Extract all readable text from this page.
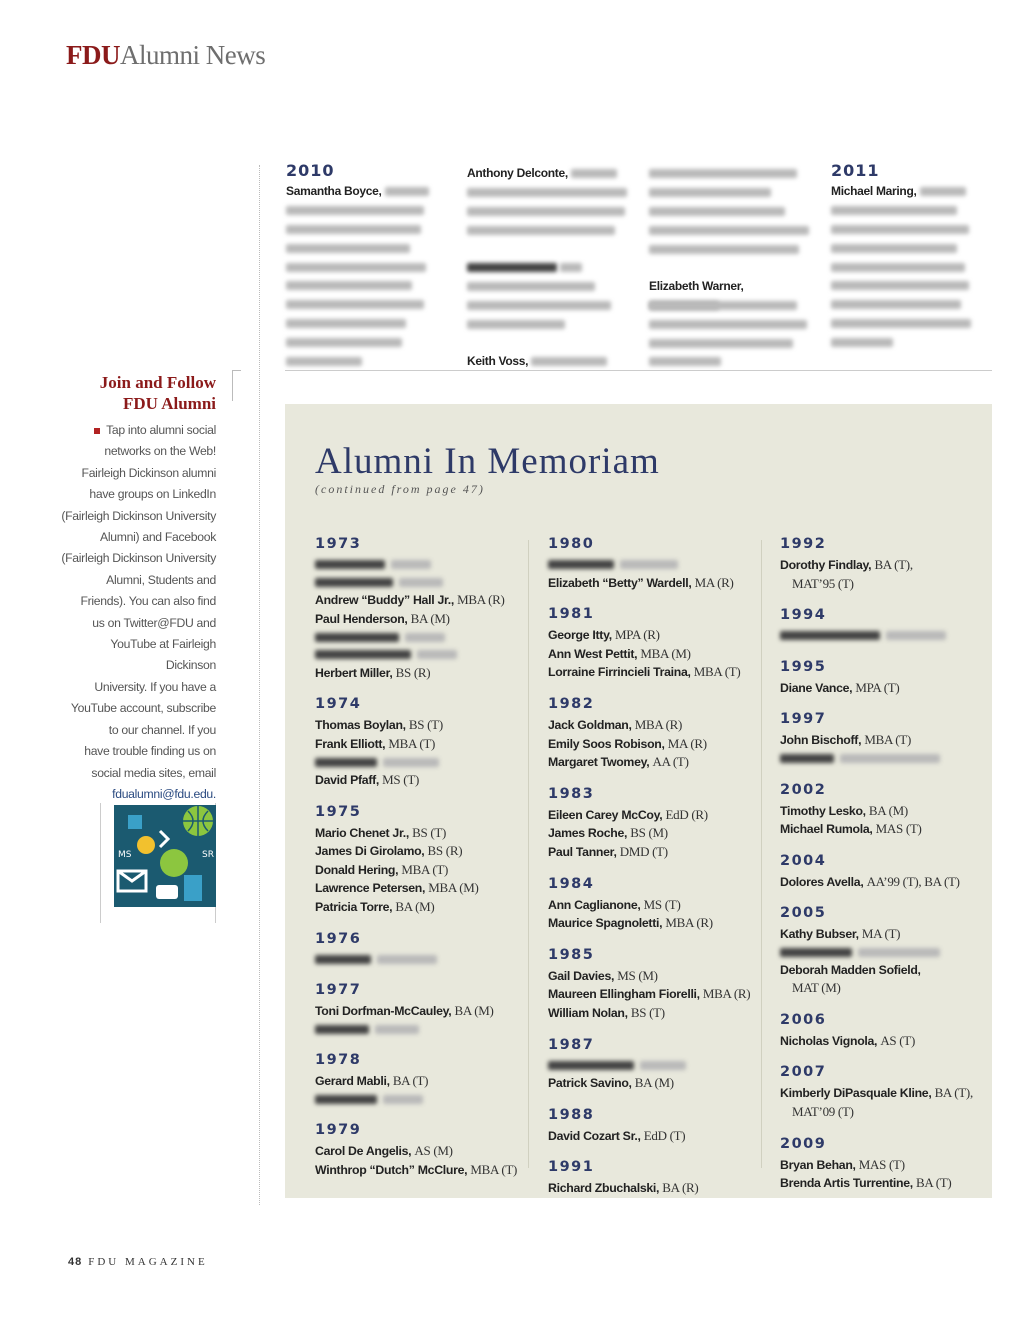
FDUAlumni News
Join and Follow
FDU Alumni
Tap into alumni social
networks on the Web!
Fairleigh Dickinson alumni
have groups on LinkedIn
(Fairleigh Dickinson University
Alumni) and Facebook
(Fairleigh Dickinson University
Alumni, Students and
Friends). You can also find
us on Twitter@FDU and
YouTube at Fairleigh Dickinson
University. If you have a
YouTube account, subscribe
to our channel. If you
have trouble finding us on
social media sites, email
fdualumni@fdu.edu.
MS	SR
2010
Samantha Boyce,
Anthony Delconte,

Keith Voss,
Elizabeth Warner,
2011
Michael Maring,
Alumni In Memoriam
(continued from page 47)
1973
Andrew “Buddy” Hall Jr., MBA (R)
Paul Henderson, BA (M)
Herbert Miller, BS (R)
1974
Thomas Boylan, BS (T)
Frank Elliott, MBA (T)
David Pfaff, MS (T)
1975
Mario Chenet Jr., BS (T)
James Di Girolamo, BS (R)
Donald Hering, MBA (T)
Lawrence Petersen, MBA (M)
Patricia Torre, BA (M)
1976
1977
Toni Dorfman-McCauley, BA (M)
1978
Gerard Mabli, BA (T)
1979
Carol De Angelis, AS (M)
Winthrop “Dutch” McClure, MBA (T)
1980
Elizabeth “Betty” Wardell, MA (R)
1981
George Itty, MPA (R)
Ann West Pettit, MBA (M)
Lorraine Firrincieli Traina, MBA (T)
1982
Jack Goldman, MBA (R)
Emily Soos Robison, MA (R)
Margaret Twomey, AA (T)
1983
Eileen Carey McCoy, EdD (R)
James Roche, BS (M)
Paul Tanner, DMD (T)
1984
Ann Caglianone, MS (T)
Maurice Spagnoletti, MBA (R)
1985
Gail Davies, MS (M)
Maureen Ellingham Fiorelli, MBA (R)
William Nolan, BS (T)
1987
Patrick Savino, BA (M)
1988
David Cozart Sr., EdD (T)
1991
Richard Zbuchalski, BA (R)
1992
Dorothy Findlay, BA (T),
MAT’95 (T)
1994
1995
Diane Vance, MPA (T)
1997
John Bischoff, MBA (T)
2002
Timothy Lesko, BA (M)
Michael Rumola, MAS (T)
2004
Dolores Avella, AA’99 (T), BA (T)
2005
Kathy Bubser, MA (T)
Deborah Madden Sofield,
MAT (M)
2006
Nicholas Vignola, AS (T)
2007
Kimberly DiPasquale Kline, BA (T),
MAT’09 (T)
2009
Bryan Behan, MAS (T)
Brenda Artis Turrentine, BA (T)
48 FDU MAGAZINE
